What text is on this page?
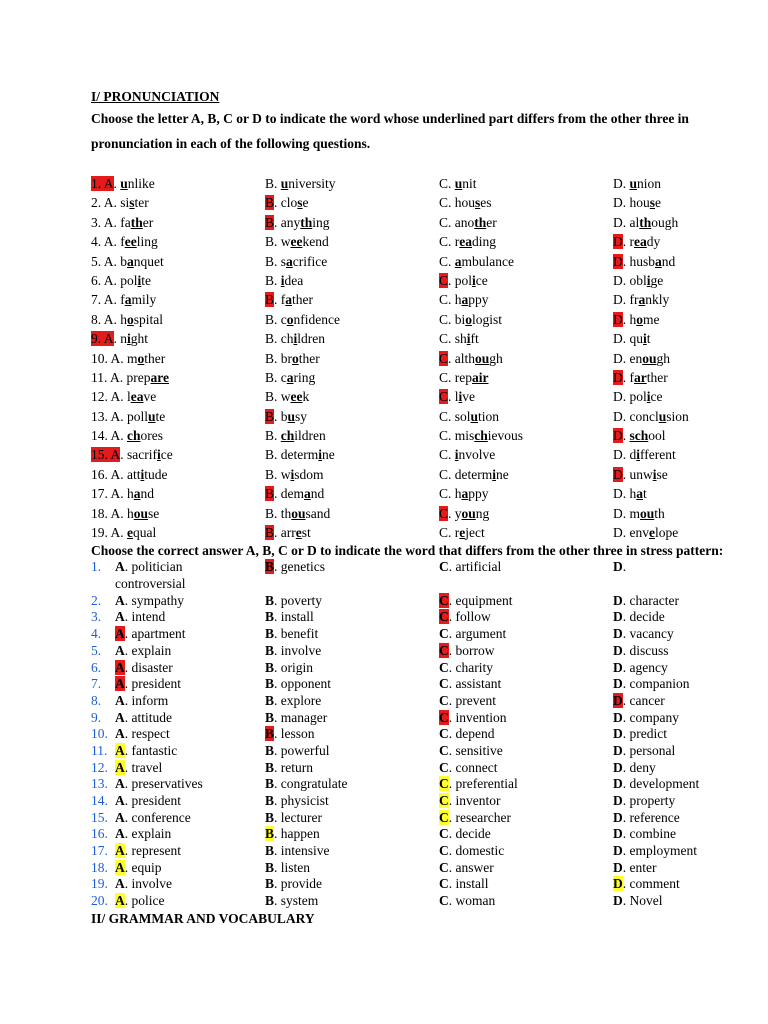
I/ PRONUNCIATION
Choose the letter A, B, C or D to indicate the word whose underlined part differs from the other three in pronunciation in each of the following questions.
1. A. unlike	B. university	C. unit	D. union
2. A. sister	B. close	C. houses	D. house
3. A. father	B. anything	C. another	D. although
4. A. feeling	B. weekend	C. reading	D. ready
5. A. banquet	B. sacrifice	C. ambulance	D. husband
6. A. polite	B. idea	C. police	D. oblige
7. A. family	B. father	C. happy	D. frankly
8. A. hospital	B. confidence	C. biologist	D. home
9. A. night	B. children	C. shift	D. quit
10. A. mother	B. brother	C. although	D. enough
11. A. prepare	B. caring	C. repair	D. farther
12. A. leave	B. week	C. live	D. police
13. A. pollute	B. busy	C. solution	D. conclusion
14. A. chores	B. children	C. mischievous	D. school
15. A. sacrifice	B. determine	C. involve	D. different
16. A. attitude	B. wisdom	C. determine	D. unwise
17. A. hand	B. demand	C. happy	D. hat
18. A. house	B. thousand	C. young	D. mouth
19. A. equal	B. arrest	C. reject	D. envelope
Choose the correct answer A, B, C or D to indicate the word that differs from the other three in stress pattern:
1.	A. politician	B. genetics	C. artificial	D.
controversial
2.	A. sympathy	B. poverty	C. equipment	D. character
3.	A. intend	B. install	C. follow	D. decide
4.	A. apartment	B. benefit	C. argument	D. vacancy
5.	A. explain	B. involve	C. borrow	D. discuss
6.	A. disaster	B. origin	C. charity	D. agency
7.	A. president	B. opponent	C. assistant	D. companion
8.	A. inform	B. explore	C. prevent	D. cancer
9.	A. attitude	B. manager	C. invention	D. company
10. A. respect	B. lesson	C. depend	D. predict
11. A. fantastic	B. powerful	C. sensitive	D. personal
12. A. travel	B. return	C. connect	D. deny
13. A. preservatives	B. congratulate	C. preferential	D. development
14. A. president	B. physicist	C. inventor	D. property
15. A. conference	B. lecturer	C. researcher	D. reference
16. A. explain	B. happen	C. decide	D. combine
17. A. represent	B. intensive	C. domestic	D. employment
18. A. equip	B. listen	C. answer	D. enter
19. A. involve	B. provide	C. install	D. comment
20. A. police	B. system	C. woman	D. Novel
II/ GRAMMAR AND VOCABULARY
